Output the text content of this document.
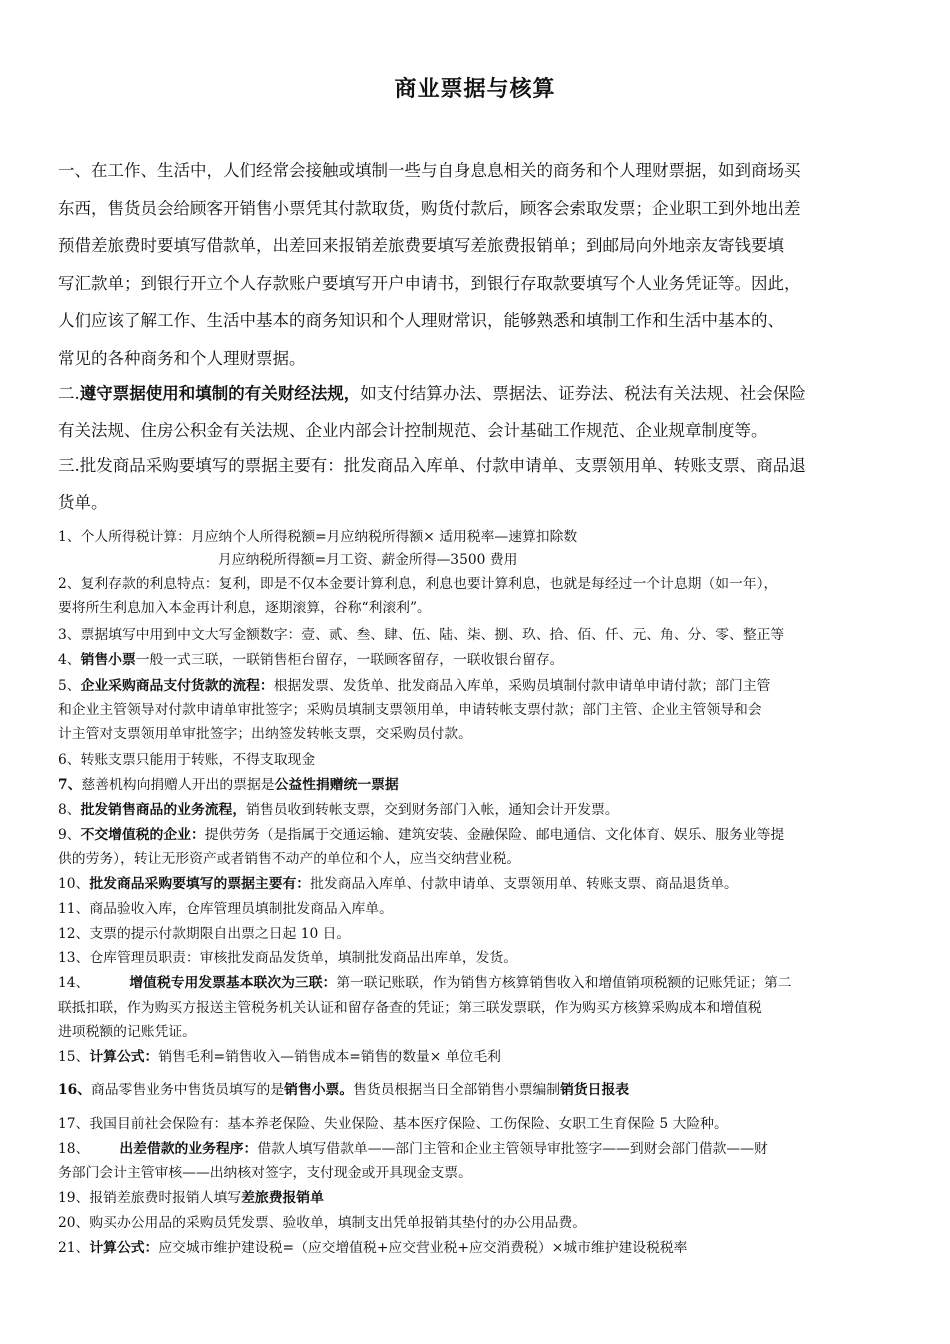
商业票据与核算
一、在工作、生活中，人们经常会接触或填制一些与自身息息相关的商务和个人理财票据，如到商场买
东西，售货员会给顾客开销售小票凭其付款取货，购货付款后，顾客会索取发票；企业职工到外地出差
预借差旅费时要填写借款单，出差回来报销差旅费要填写差旅费报销单；到邮局向外地亲友寄钱要填
写汇款单；到银行开立个人存款账户要填写开户申请书，到银行存取款要填写个人业务凭证等。因此，
人们应该了解工作、生活中基本的商务知识和个人理财常识，能够熟悉和填制工作和生活中基本的、
常见的各种商务和个人理财票据。
二.遵守票据使用和填制的有关财经法规，如支付结算办法、票据法、证券法、税法有关法规、社会保险
有关法规、住房公积金有关法规、企业内部会计控制规范、会计基础工作规范、企业规章制度等。
三.批发商品采购要填写的票据主要有：批发商品入库单、付款申请单、支票领用单、转账支票、商品退
货单。
1、个人所得税计算：月应纳个人所得税额=月应纳税所得额× 适用税率—速算扣除数
月应纳税所得额=月工资、薪金所得—3500 费用
2、复利存款的利息特点：复利，即是不仅本金要计算利息，利息也要计算利息，也就是每经过一个计息期（如一年），
要将所生利息加入本金再计利息，逐期滚算，谷称“利滚利”。
3、票据填写中用到中文大写金额数字：壹、贰、叁、肆、伍、陆、柒、捌、玖、拾、佰、仟、元、角、分、零、整正等
4、销售小票一般一式三联，一联销售柜台留存，一联顾客留存，一联收银台留存。
5、企业采购商品支付货款的流程：根据发票、发货单、批发商品入库单，采购员填制付款申请单申请付款；部门主管
和企业主管领导对付款申请单审批签字；采购员填制支票领用单，申请转帐支票付款；部门主管、企业主管领导和会
计主管对支票领用单审批签字；出纳签发转帐支票，交采购员付款。
6、转账支票只能用于转账，不得支取现金
7、慈善机构向捐赠人开出的票据是公益性捐赠统一票据
8、批发销售商品的业务流程，销售员收到转帐支票，交到财务部门入帐，通知会计开发票。
9、不交增值税的企业：提供劳务（是指属于交通运输、建筑安装、金融保险、邮电通信、文化体育、娱乐、服务业等提
供的劳务），转让无形资产或者销售不动产的单位和个人，应当交纳营业税。
10、批发商品采购要填写的票据主要有：批发商品入库单、付款申请单、支票领用单、转账支票、商品退货单。
11、商品验收入库，仓库管理员填制批发商品入库单。
12、支票的提示付款期限自出票之日起 10 日。
13、仓库管理员职责：审核批发商品发货单，填制批发商品出库单，发货。
14、	增值税专用发票基本联次为三联：第一联记账联，作为销售方核算销售收入和增值销项税额的记账凭证；第二
联抵扣联，作为购买方报送主管税务机关认证和留存备查的凭证；第三联发票联，作为购买方核算采购成本和增值税
进项税额的记账凭证。
15、计算公式：销售毛利=销售收入—销售成本=销售的数量× 单位毛利
16、商品零售业务中售货员填写的是销售小票。售货员根据当日全部销售小票编制销货日报表
17、我国目前社会保险有：基本养老保险、失业保险、基本医疗保险、工伤保险、女职工生育保险 5 大险种。
18、 出差借款的业务程序：借款人填写借款单——部门主管和企业主管领导审批签字——到财会部门借款——财
务部门会计主管审核——出纳核对签字，支付现金或开具现金支票。
19、报销差旅费时报销人填写差旅费报销单
20、购买办公用品的采购员凭发票、验收单，填制支出凭单报销其垫付的办公用品费。
21、计算公式：应交城市维护建设税=（应交增值税+应交营业税+应交消费税）×城市维护建设税税率
